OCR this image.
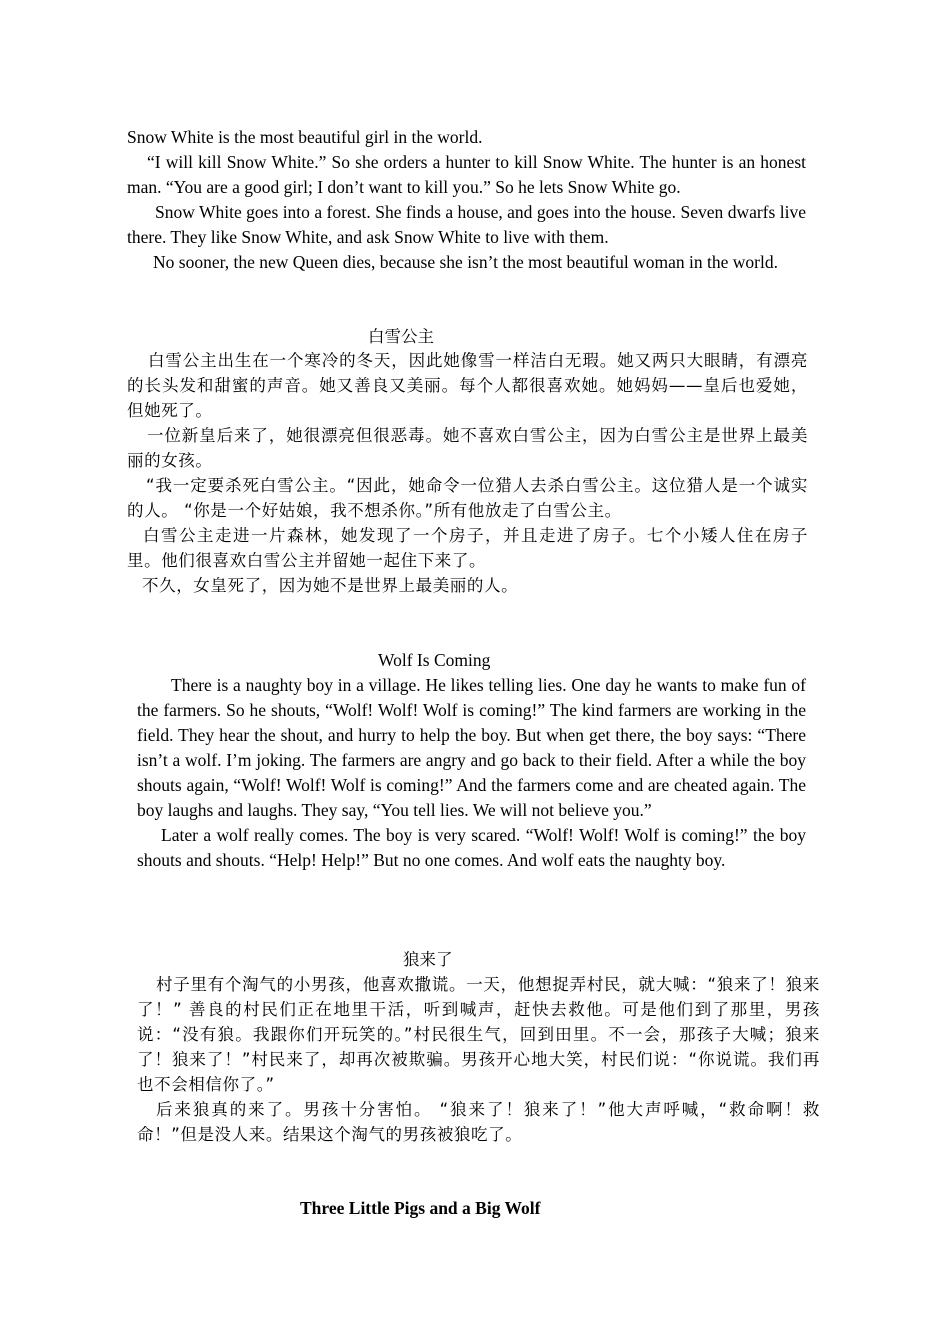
Snow White is the most beautiful girl in the world.

“I will kill Snow White.” So she orders a hunter to kill Snow White. The hunter is an honest man. “You are a good girl; I don’t want to kill you.” So he lets Snow White go.

Snow White goes into a forest. She finds a house, and goes into the house. Seven dwarfs live there. They like Snow White, and ask Snow White to live with them.

No sooner, the new Queen dies, because she isn’t the most beautiful woman in the world.

白雪公主

白雪公主出生在一个寒冷的冬天，因此她像雪一样洁白无瑕。她又两只大眼睛，有漂亮的长头发和甜蜜的声音。她又善良又美丽。每个人都很喜欢她。她妈妈——皇后也爱她，但她死了。

一位新皇后来了，她很漂亮但很恶毒。她不喜欢白雪公主，因为白雪公主是世界上最美丽的女孩。

“我一定要杀死白雪公主。“因此，她命令一位猎人去杀白雪公主。这位猎人是一个诚实的人。 “你是一个好姑娘，我不想杀你。”所有他放走了白雪公主。

白雪公主走进一片森林，她发现了一个房子，并且走进了房子。七个小矮人住在房子里。他们很喜欢白雪公主并留她一起住下来了。

不久，女皇死了，因为她不是世界上最美丽的人。

Wolf Is Coming

There is a naughty boy in a village. He likes telling lies. One day he wants to make fun of the farmers. So he shouts, “Wolf! Wolf! Wolf is coming!” The kind farmers are working in the field. They hear the shout, and hurry to help the boy. But when get there, the boy says: “There isn’t a wolf. I’m joking. The farmers are angry and go back to their field. After a while the boy shouts again, “Wolf! Wolf! Wolf is coming!” And the farmers come and are cheated again. The boy laughs and laughs. They say, “You tell lies. We will not believe you.”

Later a wolf really comes. The boy is very scared. “Wolf! Wolf! Wolf is coming!” the boy shouts and shouts. “Help! Help!” But no one comes. And wolf eats the naughty boy.

狼来了

村子里有个淘气的小男孩，他喜欢撒谎。一天，他想捉弄村民，就大喊：“狼来了！狼来了！” 善良的村民们正在地里干活，听到喊声，赶快去救他。可是他们到了那里，男孩说：“没有狼。我跟你们开玩笑的。”村民很生气，回到田里。不一会，那孩子大喊；狼来了！狼来了！”村民来了，却再次被欺骗。男孩开心地大笑，村民们说：“你说谎。我们再也不会相信你了。”

后来狼真的来了。男孩十分害怕。 “狼来了！狼来了！”他大声呼喊，“救命啊！救命！”但是没人来。结果这个淘气的男孩被狼吃了。

Three Little Pigs and a Big Wolf
